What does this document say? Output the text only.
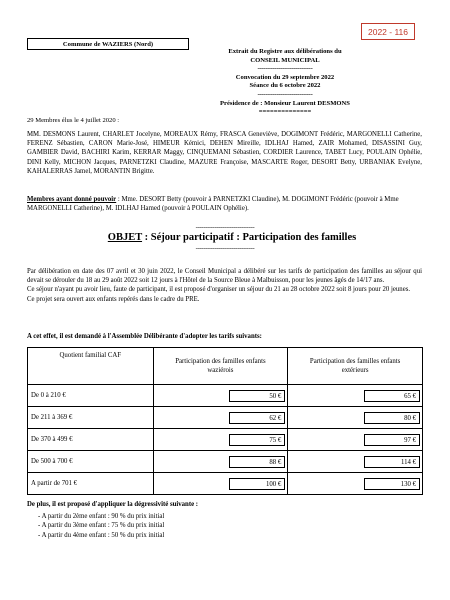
2022 - 116
Commune de WAZIERS (Nord)
Extrait du Registre aux délibérations du
CONSEIL MUNICIPAL
-----------------------------
Convocation du 29 septembre 2022
Séance du 6 octobre 2022
-----------------------------
Présidence de : Monsieur Laurent DESMONS
==============
29 Membres élus le 4 juillet 2020 :
MM. DESMONS Laurent, CHARLET Jocelyne, MOREAUX Rémy, FRASCA Geneviève, DOGIMONT Frédéric, MARGONELLI Catherine, FERENZ Sébastien, CARON Marie-José, HIMEUR Kémici, DEHEN Mireille, IDLHAJ Hamed, ZAIR Mohamed, DISASSINI Guy, GAMBIER David, BACHIRI Karim, KERRAR Maggy, CINQUEMANI Sébastien, CORDIER Laurence, TABET Lucy, POULAIN Ophélie, DINI Kelly, MICHON Jacques, PARNETZKI Claudine, MAZURE Françoise, MASCARTE Roger, DESORT Betty, URBANIAK Evelyne, KAHALERRAS Jamel, MORANTIN Brigitte.
Membres ayant donné pouvoir : Mme. DESORT Betty (pouvoir à PARNETZKI Claudine), M. DOGIMONT Frédéric (pouvoir à Mme MARGONELLI Catherine), M. IDLHAJ Hamed (pouvoir à POULAIN Ophélie).
-------------------------------
OBJET : Séjour participatif : Participation des familles
-------------------------------
Par délibération en date des 07 avril et 30 juin 2022, le Conseil Municipal a délibéré sur les tarifs de participation des familles au séjour qui devait se dérouler du 18 au 29 août 2022 soit 12 jours à l'Hôtel de la Source Bleue à Malbuisson, pour les jeunes âgés de 14/17 ans.
Ce séjour n'ayant pu avoir lieu, faute de participant, il est proposé d'organiser un séjour du 21 au 28 octobre 2022 soit 8 jours pour 20 jeunes.
Ce projet sera ouvert aux enfants repérés dans le cadre du PRE.
A cet effet, il est demandé à l'Assemblée Délibérante d'adopter les tarifs suivants:
Quotient familial CAF	Participation des familles enfants waziérois	Participation des familles enfants extérieurs
De 0 à 210 €	50 €	65 €
De 211 à 369 €	62 €	80 €
De 370 à 499 €	75 €	97 €
De 500 à 700 €	88 €	114 €
A partir de 701 €	100 €	130 €
De plus, il est proposé d'appliquer la dégressivité suivante :
- A partir du 2ème enfant : 90 % du prix initial
- A partir du 3ème enfant : 75 % du prix initial
- A partir du 4ème enfant : 50 % du prix initial
